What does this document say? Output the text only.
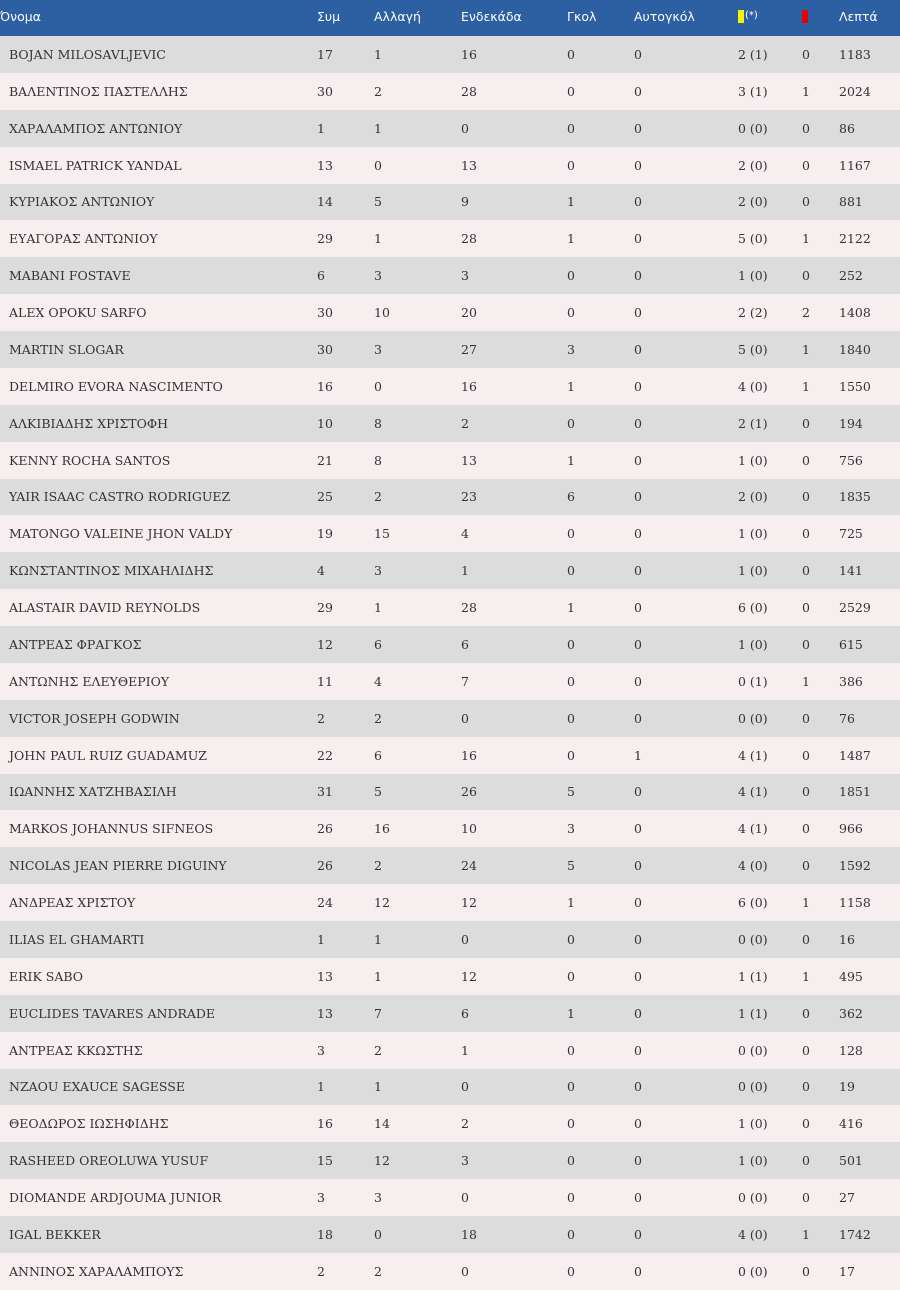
Όνομα	Συμ	Αλλαγή	Ενδεκάδα	Γκολ	Αυτογκόλ	(*)		Λεπτά
BOJAN MILOSAVLJEVIC	17	1	16	0	0	2 (1)	0	1183
ΒΑΛΕΝΤΙΝΟΣ ΠΑΣΤΕΛΛΗΣ	30	2	28	0	0	3 (1)	1	2024
ΧΑΡΑΛΑΜΠΟΣ ΑΝΤΩΝΙΟΥ	1	1	0	0	0	0 (0)	0	86
ISMAEL PATRICK YANDAL	13	0	13	0	0	2 (0)	0	1167
ΚΥΡΙΑΚΟΣ ΑΝΤΩΝΙΟΥ	14	5	9	1	0	2 (0)	0	881
ΕΥΑΓΟΡΑΣ ΑΝΤΩΝΙΟΥ	29	1	28	1	0	5 (0)	1	2122
MABANI FOSTAVE	6	3	3	0	0	1 (0)	0	252
ALEX OPOKU SARFO	30	10	20	0	0	2 (2)	2	1408
MARTIN SLOGAR	30	3	27	3	0	5 (0)	1	1840
DELMIRO EVORA NASCIMENTO	16	0	16	1	0	4 (0)	1	1550
ΑΛΚΙΒΙΑΔΗΣ ΧΡΙΣΤΟΦΗ	10	8	2	0	0	2 (1)	0	194
KENNY ROCHA SANTOS	21	8	13	1	0	1 (0)	0	756
YAIR ISAAC CASTRO RODRIGUEZ	25	2	23	6	0	2 (0)	0	1835
MATONGO VALEINE JHON VALDY	19	15	4	0	0	1 (0)	0	725
ΚΩΝΣΤΑΝΤΙΝΟΣ ΜΙΧΑΗΛΙΔΗΣ	4	3	1	0	0	1 (0)	0	141
ALASTAIR DAVID REYNOLDS	29	1	28	1	0	6 (0)	0	2529
ΑΝΤΡΕΑΣ ΦΡΑΓΚΟΣ	12	6	6	0	0	1 (0)	0	615
ΑΝΤΩΝΗΣ ΕΛΕΥΘΕΡΙΟΥ	11	4	7	0	0	0 (1)	1	386
VICTOR JOSEPH GODWIN	2	2	0	0	0	0 (0)	0	76
JOHN PAUL RUIZ GUADAMUZ	22	6	16	0	1	4 (1)	0	1487
ΙΩΑΝΝΗΣ ΧΑΤΖΗΒΑΣΙΛΗ	31	5	26	5	0	4 (1)	0	1851
MARKOS JOHANNUS SIFNEOS	26	16	10	3	0	4 (1)	0	966
NICOLAS JEAN PIERRE DIGUINY	26	2	24	5	0	4 (0)	0	1592
ΑΝΔΡΕΑΣ ΧΡΙΣΤΟΥ	24	12	12	1	0	6 (0)	1	1158
ILIAS EL GHAMARTI	1	1	0	0	0	0 (0)	0	16
ERIK SABO	13	1	12	0	0	1 (1)	1	495
EUCLIDES TAVARES ANDRADE	13	7	6	1	0	1 (1)	0	362
ΑΝΤΡΕΑΣ ΚΚΩΣΤΗΣ	3	2	1	0	0	0 (0)	0	128
NZAOU EXAUCE SAGESSE	1	1	0	0	0	0 (0)	0	19
ΘΕΟΔΩΡΟΣ ΙΩΣΗΦΙΔΗΣ	16	14	2	0	0	1 (0)	0	416
RASHEED OREOLUWA YUSUF	15	12	3	0	0	1 (0)	0	501
DIOMANDE ARDJOUMA JUNIOR	3	3	0	0	0	0 (0)	0	27
IGAL BEKKER	18	0	18	0	0	4 (0)	1	1742
ΑΝΝΙΝΟΣ ΧΑΡΑΛΑΜΠΟΥΣ	2	2	0	0	0	0 (0)	0	17
